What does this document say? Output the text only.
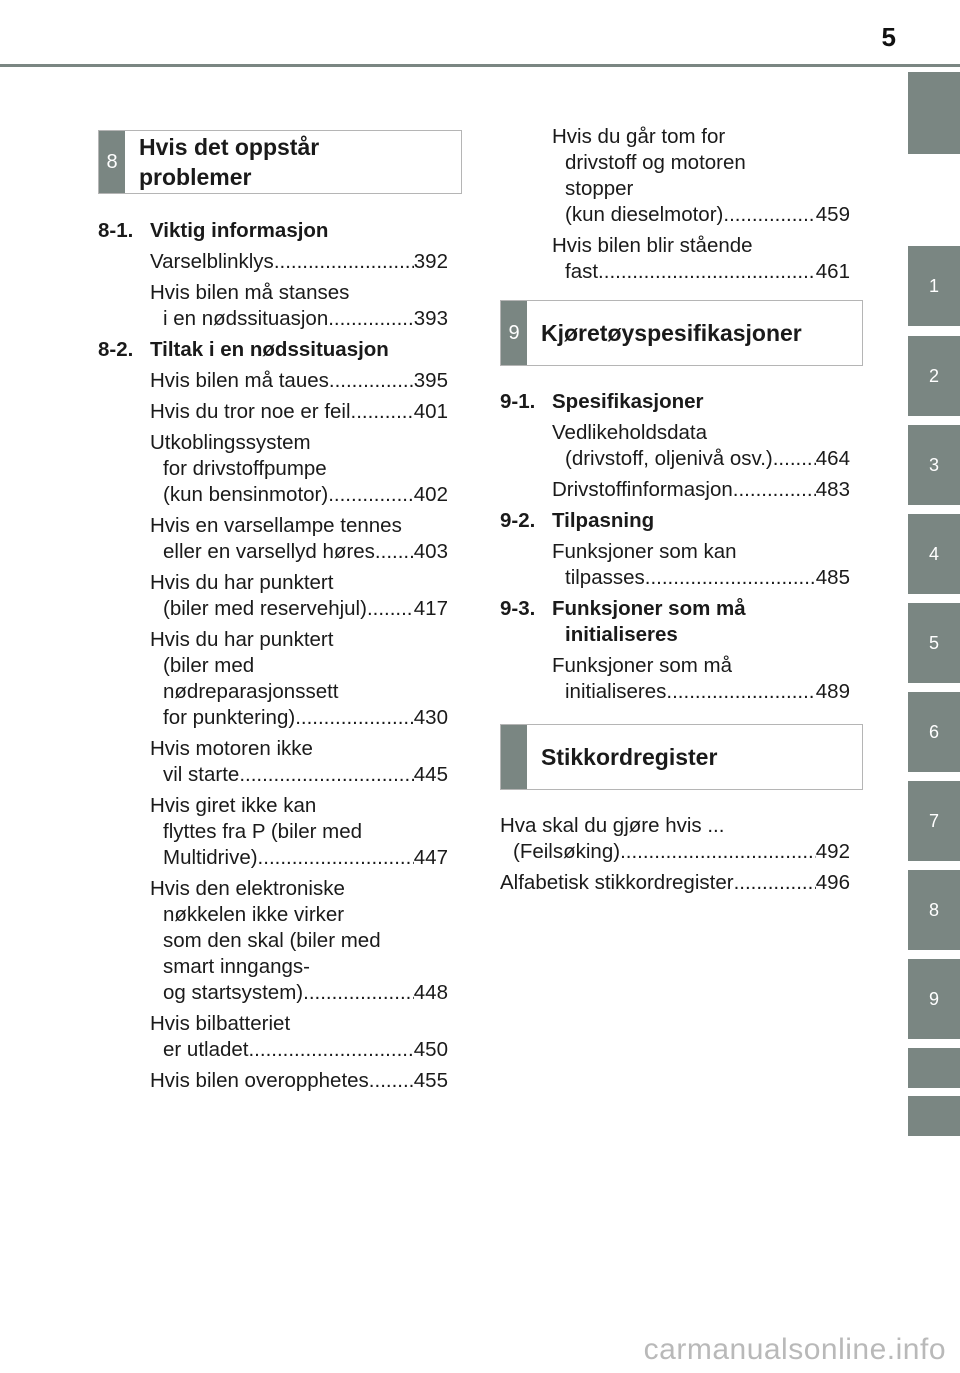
5
1
2
3
4
5
6
7
8
9
8
Hvis det oppstår
problemer
8-1. Viktig informasjon
Varselblinklys .....	392
Hvis bilen må stanses
i en nødssituasjon .....	393
8-2. Tiltak i en nødssituasjon
Hvis bilen må taues .....	395
Hvis du tror noe er feil .....	401
Utkoblingssystem
for drivstoffpumpe
(kun bensinmotor) .....	402
Hvis en varsellampe tennes
eller en varsellyd høres ..... 403
Hvis du har punktert
(biler med reservehjul) ..... 417
Hvis du har punktert
(biler med
nødreparasjonssett
for punktering) .....	430
Hvis motoren ikke
vil starte .....	445
Hvis giret ikke kan
flyttes fra P (biler med
Multidrive) .....	447
Hvis den elektroniske
nøkkelen ikke virker
som den skal (biler med
smart inngangs-
og startsystem) .....	448
Hvis bilbatteriet
er utladet .....	450
Hvis bilen overopphetes ..... 455
Hvis du går tom for
drivstoff og motoren
stopper
(kun dieselmotor) .....	459
Hvis bilen blir stående
fast .....	461
9 Kjøretøyspesifikasjoner
9-1. Spesifikasjoner
Vedlikeholdsdata
(drivstoff, oljenivå osv.) ..... 464
Drivstoffinformasjon .....	483
9-2. Tilpasning
Funksjoner som kan
tilpasses .....	485
9-3. Funksjoner som må
initialiseres
Funksjoner som må
initialiseres .....	489
Stikkordregister
Hva skal du gjøre hvis ...
(Feilsøking) .....	492
Alfabetisk stikkordregister .....	496
carmanualsonline.info
